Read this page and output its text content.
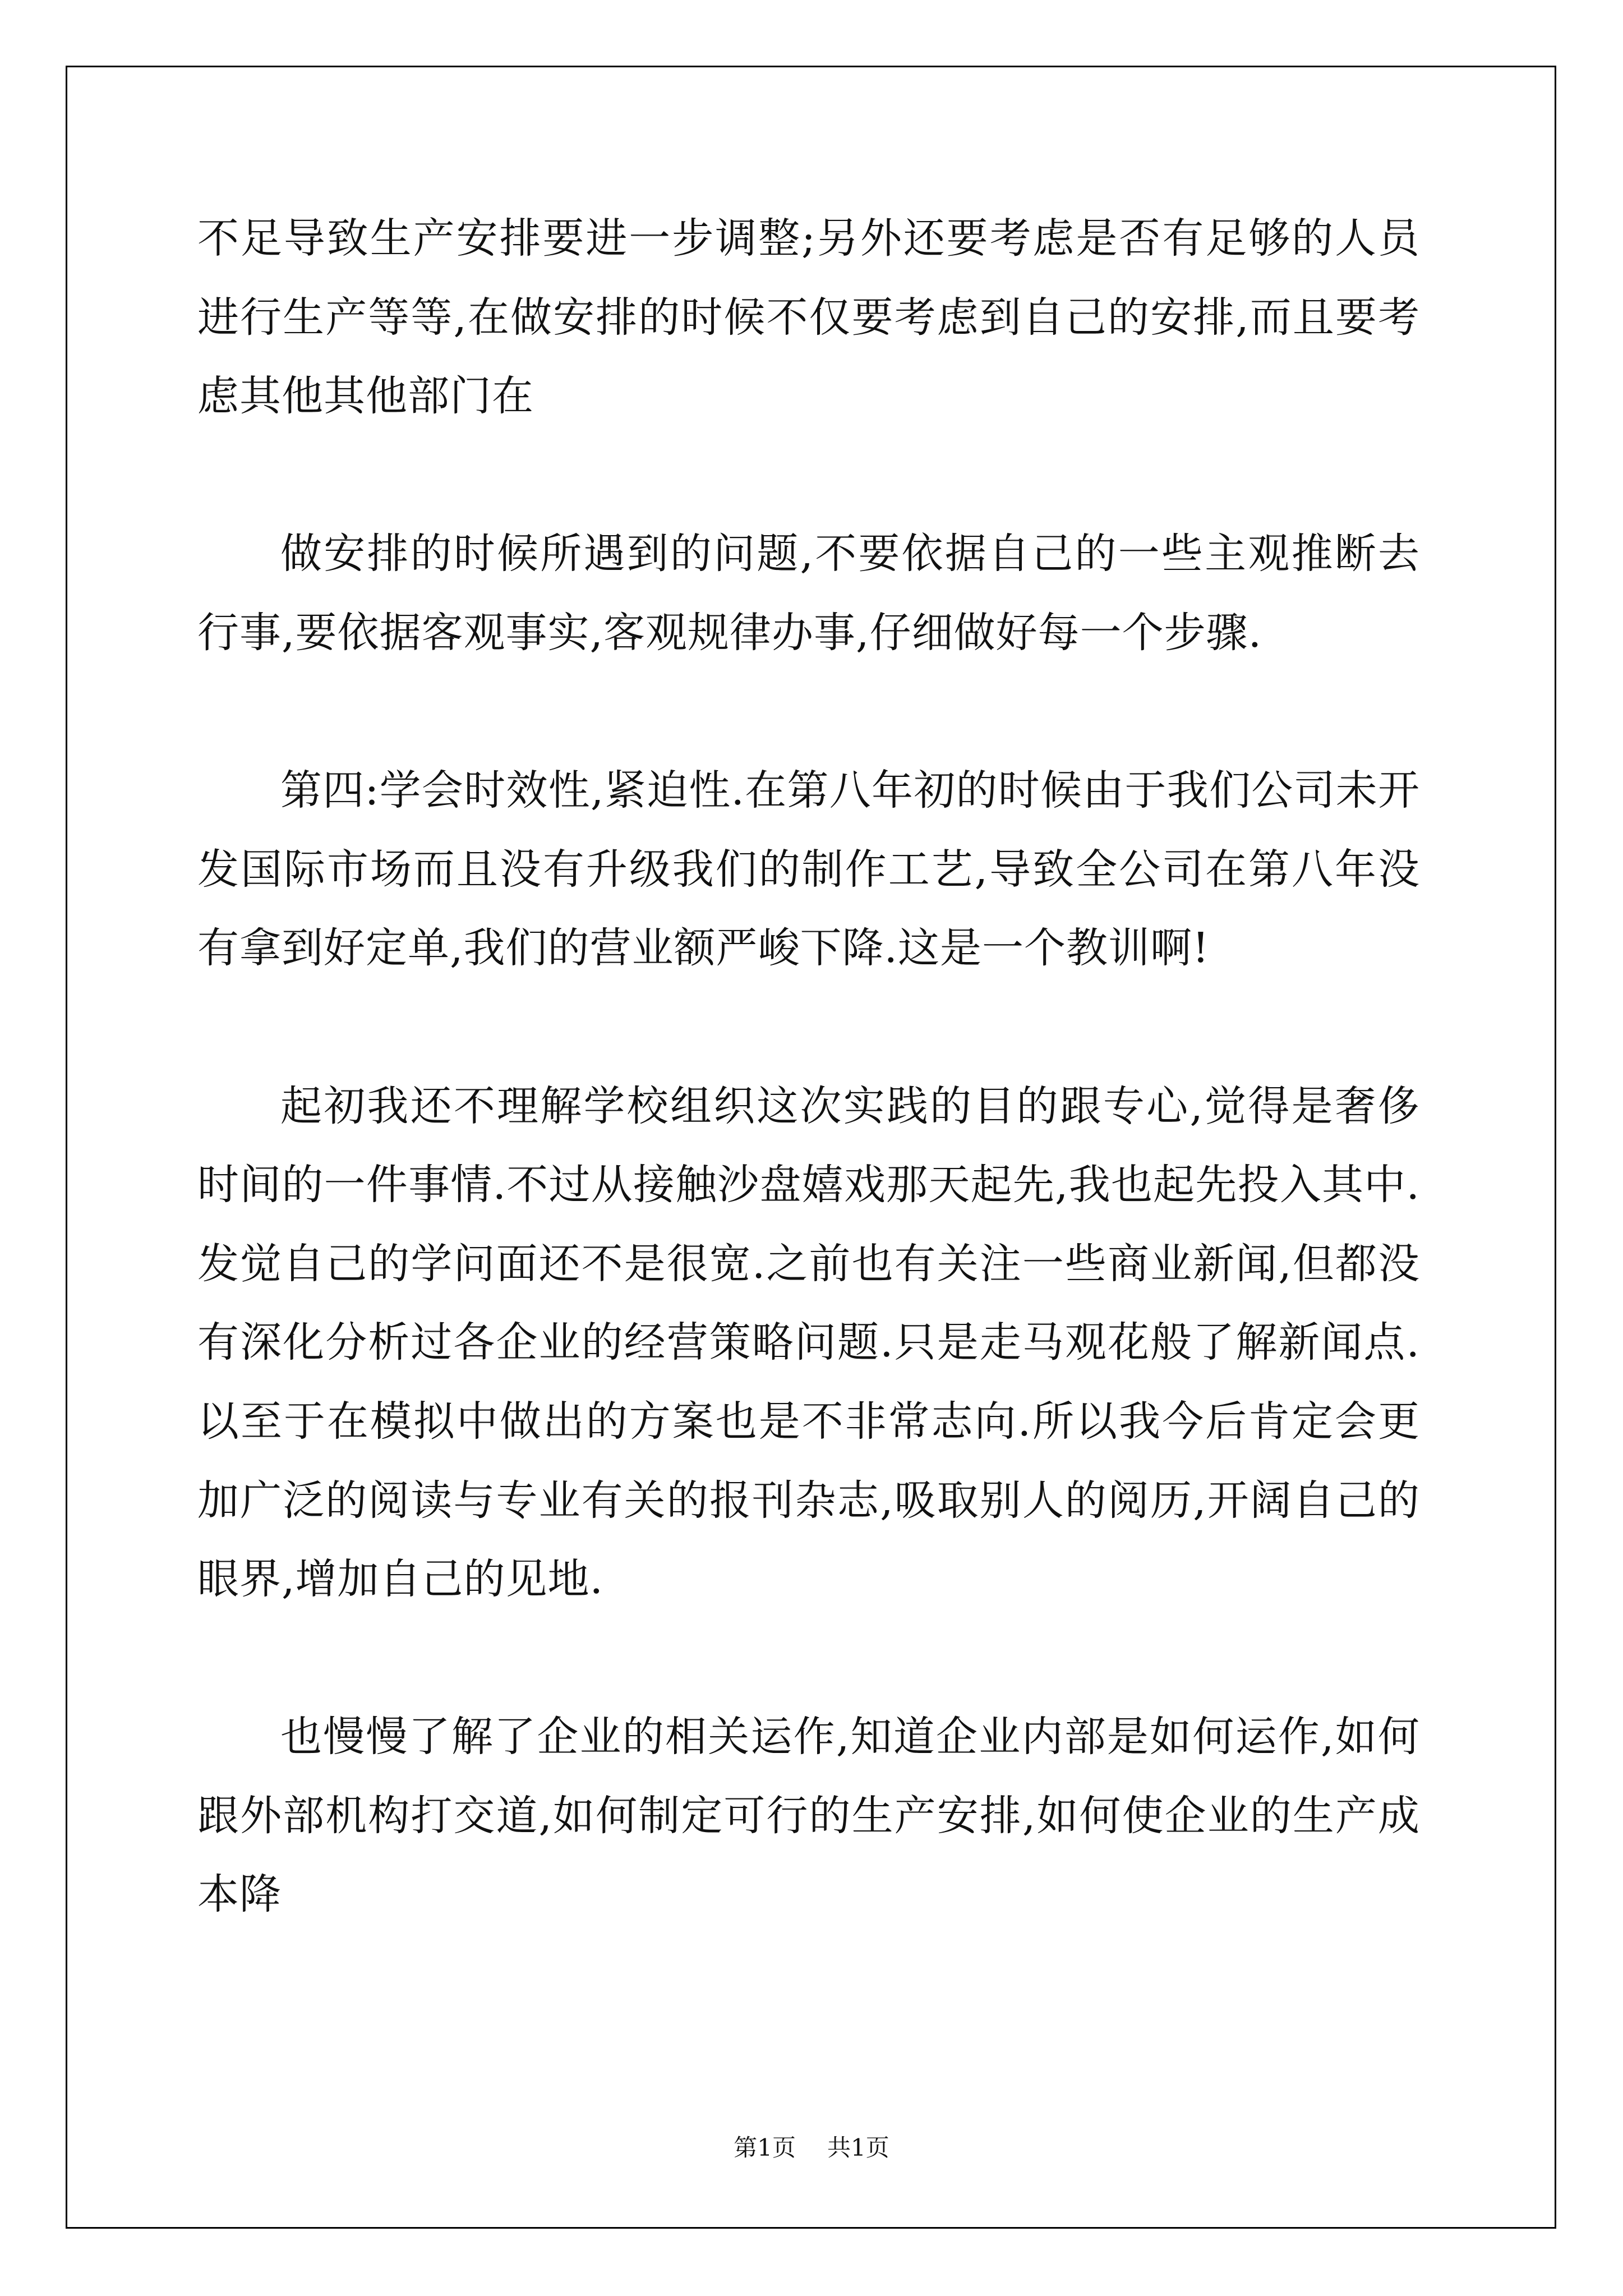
不足导致生产安排要进一步调整;另外还要考虑是否有足够的人员进行生产等等,在做安排的时候不仅要考虑到自己的安排,而且要考虑其他其他部门在

做安排的时候所遇到的问题,不要依据自己的一些主观推断去行事,要依据客观事实,客观规律办事,仔细做好每一个步骤.

第四:学会时效性,紧迫性.在第八年初的时候由于我们公司未开发国际市场而且没有升级我们的制作工艺,导致全公司在第八年没有拿到好定单,我们的营业额严峻下降.这是一个教训啊!

起初我还不理解学校组织这次实践的目的跟专心,觉得是奢侈时间的一件事情.不过从接触沙盘嬉戏那天起先,我也起先投入其中. 发觉自己的学问面还不是很宽.之前也有关注一些商业新闻,但都没有深化分析过各企业的经营策略问题.只是走马观花般了解新闻点.以至于在模拟中做出的方案也是不非常志向.所以我今后肯定会更加广泛的阅读与专业有关的报刊杂志,吸取别人的阅历,开阔自己的眼界,增加自己的见地.

也慢慢了解了企业的相关运作,知道企业内部是如何运作,如何跟外部机构打交道,如何制定可行的生产安排,如何使企业的生产成本降

第1页 共1页
